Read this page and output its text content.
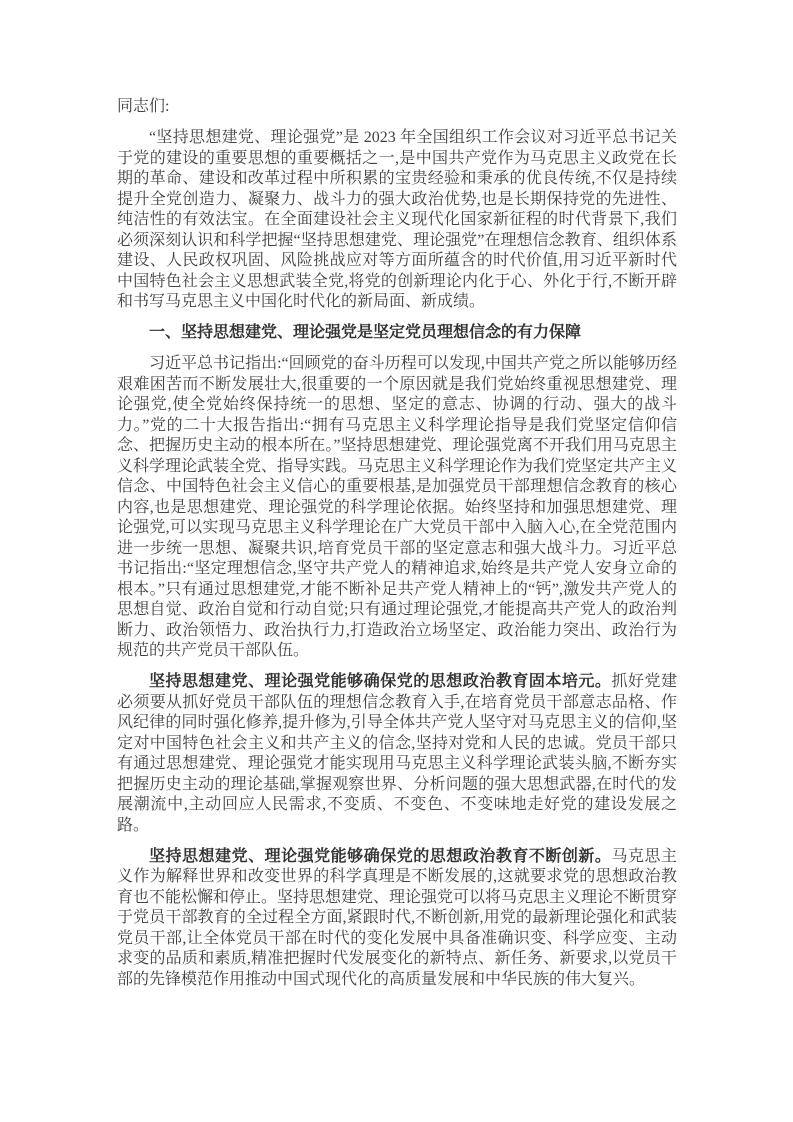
同志们:

“坚持思想建党、理论强党”是 2023 年全国组织工作会议对习近平总书记关于党的建设的重要思想的重要概括之一,是中国共产党作为马克思主义政党在长期的革命、建设和改革过程中所积累的宝贵经验和秉承的优良传统,不仅是持续提升全党创造力、凝聚力、战斗力的强大政治优势,也是长期保持党的先进性、纯洁性的有效法宝。在全面建设社会主义现代化国家新征程的时代背景下,我们必须深刻认识和科学把握“坚持思想建党、理论强党”在理想信念教育、组织体系建设、人民政权巩固、风险挑战应对等方面所蕴含的时代价值,用习近平新时代中国特色社会主义思想武装全党,将党的创新理论内化于心、外化于行,不断开辟和书写马克思主义中国化时代化的新局面、新成绩。

一、坚持思想建党、理论强党是坚定党员理想信念的有力保障

习近平总书记指出:“回顾党的奋斗历程可以发现,中国共产党之所以能够历经艰难困苦而不断发展壮大,很重要的一个原因就是我们党始终重视思想建党、理论强党,使全党始终保持统一的思想、坚定的意志、协调的行动、强大的战斗力。”党的二十大报告指出:“拥有马克思主义科学理论指导是我们党坚定信仰信念、把握历史主动的根本所在。”坚持思想建党、理论强党离不开我们用马克思主义科学理论武装全党、指导实践。马克思主义科学理论作为我们党坚定共产主义信念、中国特色社会主义信心的重要根基,是加强党员干部理想信念教育的核心内容,也是思想建党、理论强党的科学理论依据。始终坚持和加强思想建党、理论强党,可以实现马克思主义科学理论在广大党员干部中入脑入心,在全党范围内进一步统一思想、凝聚共识,培育党员干部的坚定意志和强大战斗力。习近平总书记指出:“坚定理想信念,坚守共产党人的精神追求,始终是共产党人安身立命的根本。”只有通过思想建党,才能不断补足共产党人精神上的“钙”,激发共产党人的思想自觉、政治自觉和行动自觉;只有通过理论强党,才能提高共产党人的政治判断力、政治领悟力、政治执行力,打造政治立场坚定、政治能力突出、政治行为规范的共产党员干部队伍。

坚持思想建党、理论强党能够确保党的思想政治教育固本培元。抓好党建必须要从抓好党员干部队伍的理想信念教育入手,在培育党员干部意志品格、作风纪律的同时强化修养,提升修为,引导全体共产党人坚守对马克思主义的信仰,坚定对中国特色社会主义和共产主义的信念,坚持对党和人民的忠诚。党员干部只有通过思想建党、理论强党才能实现用马克思主义科学理论武装头脑,不断夯实把握历史主动的理论基础,掌握观察世界、分析问题的强大思想武器,在时代的发展潮流中,主动回应人民需求,不变质、不变色、不变味地走好党的建设发展之路。

坚持思想建党、理论强党能够确保党的思想政治教育不断创新。马克思主义作为解释世界和改变世界的科学真理是不断发展的,这就要求党的思想政治教育也不能松懈和停止。坚持思想建党、理论强党可以将马克思主义理论不断贯穿于党员干部教育的全过程全方面,紧跟时代,不断创新,用党的最新理论强化和武装党员干部,让全体党员干部在时代的变化发展中具备准确识变、科学应变、主动求变的品质和素质,精准把握时代发展变化的新特点、新任务、新要求,以党员干部的先锋模范作用推动中国式现代化的高质量发展和中华民族的伟大复兴。
